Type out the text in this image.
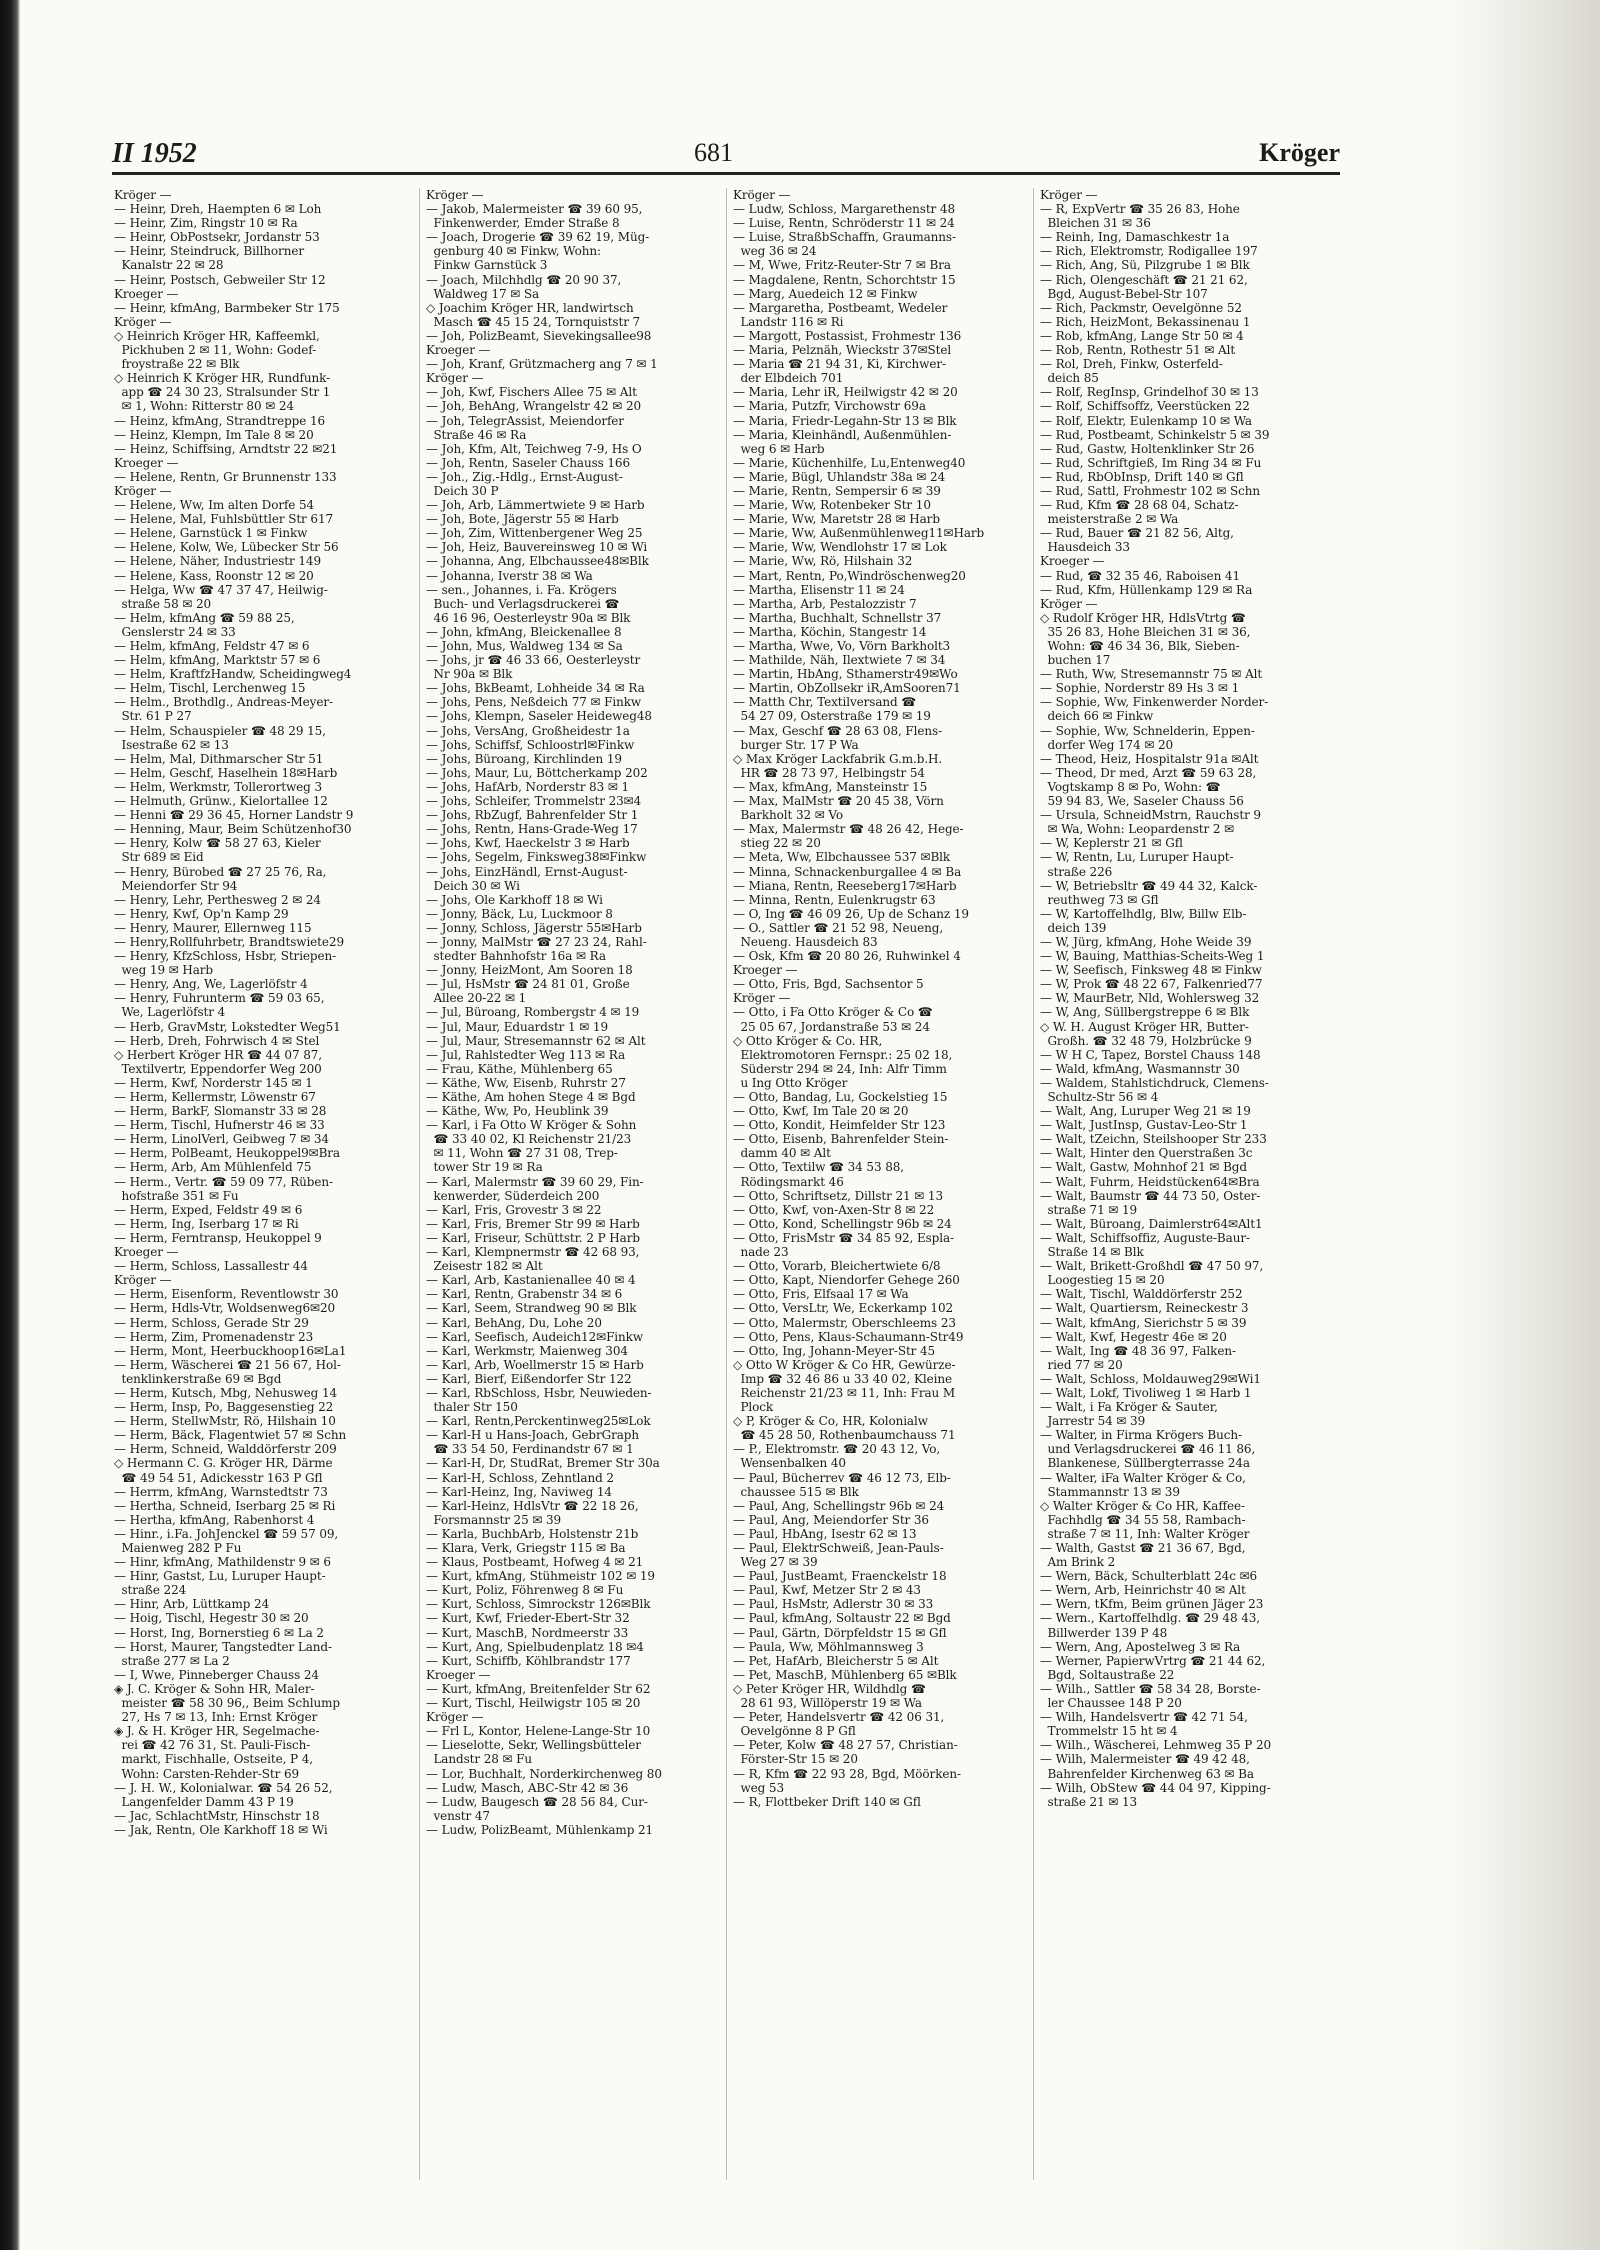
II 1952	681	Kröger
Kröger —
— Heinr, Dreh, Haempten 6 ✉ Loh
— Heinr, Zim, Ringstr 10 ✉ Ra
— Heinr, ObPostsekr, Jordanstr 53
— Heinr, Steindruck, Billhorner
Kanalstr 22 ✉ 28
— Heinr, Postsch, Gebweiler Str 12
Kroeger —
— Heinr, kfmAng, Barmbeker Str 175
Kröger —
◇ Heinrich Kröger HR, Kaffeemkl,
Pickhuben 2 ✉ 11, Wohn: Godef-
froystraße 22 ✉ Blk
◇ Heinrich K Kröger HR, Rundfunk-
app ☎ 24 30 23, Stralsunder Str 1
✉ 1, Wohn: Ritterstr 80 ✉ 24
— Heinz, kfmAng, Strandtreppe 16
— Heinz, Klempn, Im Tale 8 ✉ 20
— Heinz, Schiffsing, Arndtstr 22 ✉21
Kroeger —
— Helene, Rentn, Gr Brunnenstr 133
Kröger —
— Helene, Ww, Im alten Dorfe 54
— Helene, Mal, Fuhlsbüttler Str 617
— Helene, Garnstück 1 ✉ Finkw
— Helene, Kolw, We, Lübecker Str 56
— Helene, Näher, Industriestr 149
— Helene, Kass, Roonstr 12 ✉ 20
— Helga, Ww ☎ 47 37 47, Heilwig-
straße 58 ✉ 20
— Helm, kfmAng ☎ 59 88 25,
Genslerstr 24 ✉ 33
— Helm, kfmAng, Feldstr 47 ✉ 6
— Helm, kfmAng, Marktstr 57 ✉ 6
— Helm, KraftfzHandw, Scheidingweg4
— Helm, Tischl, Lerchenweg 15
— Helm., Brothdlg., Andreas-Meyer-
Str. 61 P 27
— Helm, Schauspieler ☎ 48 29 15,
Isestraße 62 ✉ 13
— Helm, Mal, Dithmarscher Str 51
— Helm, Geschf, Haselhein 18✉Harb
— Helm, Werkmstr, Tollerortweg 3
— Helmuth, Grünw., Kielortallee 12
— Henni ☎ 29 36 45, Horner Landstr 9
— Henning, Maur, Beim Schützenhof30
— Henry, Kolw ☎ 58 27 63, Kieler
Str 689 ✉ Eid
— Henry, Bürobed ☎ 27 25 76, Ra,
Meiendorfer Str 94
— Henry, Lehr, Perthesweg 2 ✉ 24
— Henry, Kwf, Op'n Kamp 29
— Henry, Maurer, Ellernweg 115
— Henry,Rollfuhrbetr, Brandtswiete29
— Henry, KfzSchloss, Hsbr, Striepen-
weg 19 ✉ Harb
— Henry, Ang, We, Lagerlöfstr 4
— Henry, Fuhrunterm ☎ 59 03 65,
We, Lagerlöfstr 4
— Herb, GravMstr, Lokstedter Weg51
— Herb, Dreh, Fohrwisch 4 ✉ Stel
◇ Herbert Kröger HR ☎ 44 07 87,
Textilvertr, Eppendorfer Weg 200
— Herm, Kwf, Norderstr 145 ✉ 1
— Herm, Kellermstr, Löwenstr 67
— Herm, BarkF, Slomanstr 33 ✉ 28
— Herm, Tischl, Hufnerstr 46 ✉ 33
— Herm, LinolVerl, Geibweg 7 ✉ 34
— Herm, PolBeamt, Heukoppel9✉Bra
— Herm, Arb, Am Mühlenfeld 75
— Herm., Vertr. ☎ 59 09 77, Rüben-
hofstraße 351 ✉ Fu
— Herm, Exped, Feldstr 49 ✉ 6
— Herm, Ing, Iserbarg 17 ✉ Ri
— Herm, Ferntransp, Heukoppel 9
Kroeger —
— Herm, Schloss, Lassallestr 44
Kröger —
— Herm, Eisenform, Reventlowstr 30
— Herm, Hdls-Vtr, Woldsenweg6✉20
— Herm, Schloss, Gerade Str 29
— Herm, Zim, Promenadenstr 23
— Herm, Mont, Heerbuckhoop16✉La1
— Herm, Wäscherei ☎ 21 56 67, Hol-
tenklinkerstraße 69 ✉ Bgd
— Herm, Kutsch, Mbg, Nehusweg 14
— Herm, Insp, Po, Baggesenstieg 22
— Herm, StellwMstr, Rö, Hilshain 10
— Herm, Bäck, Flagentwiet 57 ✉ Schn
— Herm, Schneid, Walddörferstr 209
◇ Hermann C. G. Kröger HR, Därme
☎ 49 54 51, Adickesstr 163 P Gfl
— Herrm, kfmAng, Warnstedtstr 73
— Hertha, Schneid, Iserbarg 25 ✉ Ri
— Hertha, kfmAng, Rabenhorst 4
— Hinr., i.Fa. JohJenckel ☎ 59 57 09,
Maienweg 282 P Fu
— Hinr, kfmAng, Mathildenstr 9 ✉ 6
— Hinr, Gastst, Lu, Luruper Haupt-
straße 224
— Hinr, Arb, Lüttkamp 24
— Hoig, Tischl, Hegestr 30 ✉ 20
— Horst, Ing, Bornerstieg 6 ✉ La 2
— Horst, Maurer, Tangstedter Land-
straße 277 ✉ La 2
— I, Wwe, Pinneberger Chauss 24
◈ J. C. Kröger & Sohn HR, Maler-
meister ☎ 58 30 96,, Beim Schlump
27, Hs 7 ✉ 13, Inh: Ernst Kröger
◈ J. & H. Kröger HR, Segelmache-
rei ☎ 42 76 31, St. Pauli-Fisch-
markt, Fischhalle, Ostseite, P 4,
Wohn: Carsten-Rehder-Str 69
— J. H. W., Kolonialwar. ☎ 54 26 52,
Langenfelder Damm 43 P 19
— Jac, SchlachtMstr, Hinschstr 18
— Jak, Rentn, Ole Karkhoff 18 ✉ Wi
Kröger —
— Jakob, Malermeister ☎ 39 60 95,
Finkenwerder, Emder Straße 8
— Joach, Drogerie ☎ 39 62 19, Müg-
genburg 40 ✉ Finkw, Wohn:
Finkw Garnstück 3
— Joach, Milchhdlg ☎ 20 90 37,
Waldweg 17 ✉ Sa
◇ Joachim Kröger HR, landwirtsch
Masch ☎ 45 15 24, Tornquiststr 7
— Joh, PolizBeamt, Sievekingsallee98
Kroeger —
— Joh, Kranf, Grützmacherg ang 7 ✉ 1
Kröger —
— Joh, Kwf, Fischers Allee 75 ✉ Alt
— Joh, BehAng, Wrangelstr 42 ✉ 20
— Joh, TelegrAssist, Meiendorfer
Straße 46 ✉ Ra
— Joh, Kfm, Alt, Teichweg 7-9, Hs O
— Joh, Rentn, Saseler Chauss 166
— Joh., Zig.-Hdlg., Ernst-August-
Deich 30 P
— Joh, Arb, Lämmertwiete 9 ✉ Harb
— Joh, Bote, Jägerstr 55 ✉ Harb
— Joh, Zim, Wittenbergener Weg 25
— Joh, Heiz, Bauvereinsweg 10 ✉ Wi
— Johanna, Ang, Elbchaussee48✉Blk
— Johanna, Iverstr 38 ✉ Wa
— sen., Johannes, i. Fa. Krögers
Buch- und Verlagsdruckerei ☎
46 16 96, Oesterleystr 90a ✉ Blk
— John, kfmAng, Bleickenallee 8
— John, Mus, Waldweg 134 ✉ Sa
— Johs, jr ☎ 46 33 66, Oesterleystr
Nr 90a ✉ Blk
— Johs, BkBeamt, Lohheide 34 ✉ Ra
— Johs, Pens, Neßdeich 77 ✉ Finkw
— Johs, Klempn, Saseler Heideweg48
— Johs, VersAng, Großheidestr 1a
— Johs, Schiffsf, Schloostrl✉Finkw
— Johs, Büroang, Kirchlinden 19
— Johs, Maur, Lu, Böttcherkamp 202
— Johs, HafArb, Norderstr 83 ✉ 1
— Johs, Schleifer, Trommelstr 23✉4
— Johs, RbZugf, Bahrenfelder Str 1
— Johs, Rentn, Hans-Grade-Weg 17
— Johs, Kwf, Haeckelstr 3 ✉ Harb
— Johs, Segelm, Finksweg38✉Finkw
— Johs, EinzHändl, Ernst-August-
Deich 30 ✉ Wi
— Johs, Ole Karkhoff 18 ✉ Wi
— Jonny, Bäck, Lu, Luckmoor 8
— Jonny, Schloss, Jägerstr 55✉Harb
— Jonny, MalMstr ☎ 27 23 24, Rahl-
stedter Bahnhofstr 16a ✉ Ra
— Jonny, HeizMont, Am Sooren 18
— Jul, HsMstr ☎ 24 81 01, Große
Allee 20-22 ✉ 1
— Jul, Büroang, Rombergstr 4 ✉ 19
— Jul, Maur, Eduardstr 1 ✉ 19
— Jul, Maur, Stresemannstr 62 ✉ Alt
— Jul, Rahlstedter Weg 113 ✉ Ra
— Frau, Käthe, Mühlenberg 65
— Käthe, Ww, Eisenb, Ruhrstr 27
— Käthe, Am hohen Stege 4 ✉ Bgd
— Käthe, Ww, Po, Heublink 39
— Karl, i Fa Otto W Kröger & Sohn
☎ 33 40 02, Kl Reichenstr 21/23
✉ 11, Wohn ☎ 27 31 08, Trep-
tower Str 19 ✉ Ra
— Karl, Malermstr ☎ 39 60 29, Fin-
kenwerder, Süderdeich 200
— Karl, Fris, Grovestr 3 ✉ 22
— Karl, Fris, Bremer Str 99 ✉ Harb
— Karl, Friseur, Schüttstr. 2 P Harb
— Karl, Klempnermstr ☎ 42 68 93,
Zeisestr 182 ✉ Alt
— Karl, Arb, Kastanienallee 40 ✉ 4
— Karl, Rentn, Grabenstr 34 ✉ 6
— Karl, Seem, Strandweg 90 ✉ Blk
— Karl, BehAng, Du, Lohe 20
— Karl, Seefisch, Audeich12✉Finkw
— Karl, Werkmstr, Maienweg 304
— Karl, Arb, Woellmerstr 15 ✉ Harb
— Karl, Bierf, Eißendorfer Str 122
— Karl, RbSchloss, Hsbr, Neuwieden-
thaler Str 150
— Karl, Rentn,Perckentinweg25✉Lok
— Karl-H u Hans-Joach, GebrGraph
☎ 33 54 50, Ferdinandstr 67 ✉ 1
— Karl-H, Dr, StudRat, Bremer Str 30a
— Karl-H, Schloss, Zehntland 2
— Karl-Heinz, Ing, Naviweg 14
— Karl-Heinz, HdlsVtr ☎ 22 18 26,
Forsmannstr 25 ✉ 39
— Karla, BuchbArb, Holstenstr 21b
— Klara, Verk, Griegstr 115 ✉ Ba
— Klaus, Postbeamt, Hofweg 4 ✉ 21
— Kurt, kfmAng, Stühmeistr 102 ✉ 19
— Kurt, Poliz, Föhrenweg 8 ✉ Fu
— Kurt, Schloss, Simrockstr 126✉Blk
— Kurt, Kwf, Frieder-Ebert-Str 32
— Kurt, MaschB, Nordmeerstr 33
— Kurt, Ang, Spielbudenplatz 18 ✉4
— Kurt, Schiffb, Köhlbrandstr 177
Kroeger —
— Kurt, kfmAng, Breitenfelder Str 62
— Kurt, Tischl, Heilwigstr 105 ✉ 20
Kröger —
— Frl L, Kontor, Helene-Lange-Str 10
— Lieselotte, Sekr, Wellingsbütteler
Landstr 28 ✉ Fu
— Lor, Buchhalt, Norderkirchenweg 80
— Ludw, Masch, ABC-Str 42 ✉ 36
— Ludw, Baugesch ☎ 28 56 84, Cur-
venstr 47
— Ludw, PolizBeamt, Mühlenkamp 21
Kröger —
— Ludw, Schloss, Margarethenstr 48
— Luise, Rentn, Schröderstr 11 ✉ 24
— Luise, StraßbSchaffn, Graumanns-
weg 36 ✉ 24
— M, Wwe, Fritz-Reuter-Str 7 ✉ Bra
— Magdalene, Rentn, Schorchtstr 15
— Marg, Auedeich 12 ✉ Finkw
— Margaretha, Postbeamt, Wedeler
Landstr 116 ✉ Ri
— Margott, Postassist, Frohmestr 136
— Maria, Pelznäh, Wieckstr 37✉Stel
— Maria ☎ 21 94 31, Ki, Kirchwer-
der Elbdeich 701
— Maria, Lehr iR, Heilwigstr 42 ✉ 20
— Maria, Putzfr, Virchowstr 69a
— Maria, Friedr-Legahn-Str 13 ✉ Blk
— Maria, Kleinhändl, Außenmühlen-
weg 6 ✉ Harb
— Marie, Küchenhilfe, Lu,Entenweg40
— Marie, Bügl, Uhlandstr 38a ✉ 24
— Marie, Rentn, Sempersir 6 ✉ 39
— Marie, Ww, Rotenbeker Str 10
— Marie, Ww, Maretstr 28 ✉ Harb
— Marie, Ww, Außenmühlenweg11✉Harb
— Marie, Ww, Wendlohstr 17 ✉ Lok
— Marie, Ww, Rö, Hilshain 32
— Mart, Rentn, Po,Windröschenweg20
— Martha, Elisenstr 11 ✉ 24
— Martha, Arb, Pestalozzistr 7
— Martha, Buchhalt, Schnellstr 37
— Martha, Köchin, Stangestr 14
— Martha, Wwe, Vo, Vörn Barkholt3
— Mathilde, Näh, Ilextwiete 7 ✉ 34
— Martin, HbAng, Sthamerstr49✉Wo
— Martin, ObZollsekr iR,AmSooren71
— Matth Chr, Textilversand ☎
54 27 09, Osterstraße 179 ✉ 19
— Max, Geschf ☎ 28 63 08, Flens-
burger Str. 17 P Wa
◇ Max Kröger Lackfabrik G.m.b.H.
HR ☎ 28 73 97, Helbingstr 54
— Max, kfmAng, Mansteinstr 15
— Max, MalMstr ☎ 20 45 38, Vörn
Barkholt 32 ✉ Vo
— Max, Malermstr ☎ 48 26 42, Hege-
stieg 22 ✉ 20
— Meta, Ww, Elbchaussee 537 ✉Blk
— Minna, Schnackenburgallee 4 ✉ Ba
— Miana, Rentn, Reeseberg17✉Harb
— Minna, Rentn, Eulenkrugstr 63
— O, Ing ☎ 46 09 26, Up de Schanz 19
— O., Sattler ☎ 21 52 98, Neueng,
Neueng. Hausdeich 83
— Osk, Kfm ☎ 20 80 26, Ruhwinkel 4
Kroeger —
— Otto, Fris, Bgd, Sachsentor 5
Kröger —
— Otto, i Fa Otto Kröger & Co ☎
25 05 67, Jordanstraße 53 ✉ 24
◇ Otto Kröger & Co. HR,
Elektromotoren Fernspr.: 25 02 18,
Süderstr 294 ✉ 24, Inh: Alfr Timm
u Ing Otto Kröger
— Otto, Bandag, Lu, Gockelstieg 15
— Otto, Kwf, Im Tale 20 ✉ 20
— Otto, Kondit, Heimfelder Str 123
— Otto, Eisenb, Bahrenfelder Stein-
damm 40 ✉ Alt
— Otto, Textilw ☎ 34 53 88,
Rödingsmarkt 46
— Otto, Schriftsetz, Dillstr 21 ✉ 13
— Otto, Kwf, von-Axen-Str 8 ✉ 22
— Otto, Kond, Schellingstr 96b ✉ 24
— Otto, FrisMstr ☎ 34 85 92, Espla-
nade 23
— Otto, Vorarb, Bleichertwiete 6/8
— Otto, Kapt, Niendorfer Gehege 260
— Otto, Fris, Elfsaal 17 ✉ Wa
— Otto, VersLtr, We, Eckerkamp 102
— Otto, Malermstr, Oberschleems 23
— Otto, Pens, Klaus-Schaumann-Str49
— Otto, Ing, Johann-Meyer-Str 45
◇ Otto W Kröger & Co HR, Gewürze-
Imp ☎ 32 46 86 u 33 40 02, Kleine
Reichenstr 21/23 ✉ 11, Inh: Frau M
Plock
◇ P, Kröger & Co, HR, Kolonialw
☎ 45 28 50, Rothenbaumchauss 71
— P., Elektromstr. ☎ 20 43 12, Vo,
Wensenbalken 40
— Paul, Bücherrev ☎ 46 12 73, Elb-
chaussee 515 ✉ Blk
— Paul, Ang, Schellingstr 96b ✉ 24
— Paul, Ang, Meiendorfer Str 36
— Paul, HbAng, Isestr 62 ✉ 13
— Paul, ElektrSchweiß, Jean-Pauls-
Weg 27 ✉ 39
— Paul, JustBeamt, Fraenckelstr 18
— Paul, Kwf, Metzer Str 2 ✉ 43
— Paul, HsMstr, Adlerstr 30 ✉ 33
— Paul, kfmAng, Soltaustr 22 ✉ Bgd
— Paul, Gärtn, Dörpfeldstr 15 ✉ Gfl
— Paula, Ww, Möhlmannsweg 3
— Pet, HafArb, Bleicherstr 5 ✉ Alt
— Pet, MaschB, Mühlenberg 65 ✉Blk
◇ Peter Kröger HR, Wildhdlg ☎
28 61 93, Willöperstr 19 ✉ Wa
— Peter, Handelsvertr ☎ 42 06 31,
Oevelgönne 8 P Gfl
— Peter, Kolw ☎ 48 27 57, Christian-
Förster-Str 15 ✉ 20
— R, Kfm ☎ 22 93 28, Bgd, Möörken-
weg 53
— R, Flottbeker Drift 140 ✉ Gfl
Kröger —
— R, ExpVertr ☎ 35 26 83, Hohe
Bleichen 31 ✉ 36
— Reinh, Ing, Damaschkestr 1a
— Rich, Elektromstr, Rodigallee 197
— Rich, Ang, Sü, Pilzgrube 1 ✉ Blk
— Rich, Olengeschäft ☎ 21 21 62,
Bgd, August-Bebel-Str 107
— Rich, Packmstr, Oevelgönne 52
— Rich, HeizMont, Bekassinenau 1
— Rob, kfmAng, Lange Str 50 ✉ 4
— Rob, Rentn, Rothestr 51 ✉ Alt
— Rol, Dreh, Finkw, Osterfeld-
deich 85
— Rolf, RegInsp, Grindelhof 30 ✉ 13
— Rolf, Schiffsoffz, Veerstücken 22
— Rolf, Elektr, Eulenkamp 10 ✉ Wa
— Rud, Postbeamt, Schinkelstr 5 ✉ 39
— Rud, Gastw, Holtenklinker Str 26
— Rud, Schriftgieß, Im Ring 34 ✉ Fu
— Rud, RbObInsp, Drift 140 ✉ Gfl
— Rud, Sattl, Frohmestr 102 ✉ Schn
— Rud, Kfm ☎ 28 68 04, Schatz-
meisterstraße 2 ✉ Wa
— Rud, Bauer ☎ 21 82 56, Altg,
Hausdeich 33
Kroeger —
— Rud, ☎ 32 35 46, Raboisen 41
— Rud, Kfm, Hüllenkamp 129 ✉ Ra
Kröger —
◇ Rudolf Kröger HR, HdlsVtrtg ☎
35 26 83, Hohe Bleichen 31 ✉ 36,
Wohn: ☎ 46 34 36, Blk, Sieben-
buchen 17
— Ruth, Ww, Stresemannstr 75 ✉ Alt
— Sophie, Norderstr 89 Hs 3 ✉ 1
— Sophie, Ww, Finkenwerder Norder-
deich 66 ✉ Finkw
— Sophie, Ww, Schnelderin, Eppen-
dorfer Weg 174 ✉ 20
— Theod, Heiz, Hospitalstr 91a ✉Alt
— Theod, Dr med, Arzt ☎ 59 63 28,
Vogtskamp 8 ✉ Po, Wohn: ☎
59 94 83, We, Saseler Chauss 56
— Ursula, SchneidMstrn, Rauchstr 9
✉ Wa, Wohn: Leopardenstr 2 ✉
— W, Keplerstr 21 ✉ Gfl
— W, Rentn, Lu, Luruper Haupt-
straße 226
— W, Betriebsltr ☎ 49 44 32, Kalck-
reuthweg 73 ✉ Gfl
— W, Kartoffelhdlg, Blw, Billw Elb-
deich 139
— W, Jürg, kfmAng, Hohe Weide 39
— W, Bauing, Matthias-Scheits-Weg 1
— W, Seefisch, Finksweg 48 ✉ Finkw
— W, Prok ☎ 48 22 67, Falkenried77
— W, MaurBetr, Nld, Wohlersweg 32
— W, Ang, Süllbergstreppe 6 ✉ Blk
◇ W. H. August Kröger HR, Butter-
Großh. ☎ 32 48 79, Holzbrücke 9
— W H C, Tapez, Borstel Chauss 148
— Wald, kfmAng, Wasmannstr 30
— Waldem, Stahlstichdruck, Clemens-
Schultz-Str 56 ✉ 4
— Walt, Ang, Luruper Weg 21 ✉ 19
— Walt, JustInsp, Gustav-Leo-Str 1
— Walt, tZeichn, Steilshooper Str 233
— Walt, Hinter den Querstraßen 3c
— Walt, Gastw, Mohnhof 21 ✉ Bgd
— Walt, Fuhrm, Heidstücken64✉Bra
— Walt, Baumstr ☎ 44 73 50, Oster-
straße 71 ✉ 19
— Walt, Büroang, Daimlerstr64✉Alt1
— Walt, Schiffsoffiz, Auguste-Baur-
Straße 14 ✉ Blk
— Walt, Brikett-Großhdl ☎ 47 50 97,
Loogestieg 15 ✉ 20
— Walt, Tischl, Walddörferstr 252
— Walt, Quartiersm, Reineckestr 3
— Walt, kfmAng, Sierichstr 5 ✉ 39
— Walt, Kwf, Hegestr 46e ✉ 20
— Walt, Ing ☎ 48 36 97, Falken-
ried 77 ✉ 20
— Walt, Schloss, Moldauweg29✉Wi1
— Walt, Lokf, Tivoliweg 1 ✉ Harb 1
— Walt, i Fa Kröger & Sauter,
Jarrestr 54 ✉ 39
— Walter, in Firma Krögers Buch-
und Verlagsdruckerei ☎ 46 11 86,
Blankenese, Süllbergterrasse 24a
— Walter, iFa Walter Kröger & Co,
Stammannstr 13 ✉ 39
◇ Walter Kröger & Co HR, Kaffee-
Fachhdlg ☎ 34 55 58, Rambach-
straße 7 ✉ 11, Inh: Walter Kröger
— Walth, Gastst ☎ 21 36 67, Bgd,
Am Brink 2
— Wern, Bäck, Schulterblatt 24c ✉6
— Wern, Arb, Heinrichstr 40 ✉ Alt
— Wern, tKfm, Beim grünen Jäger 23
— Wern., Kartoffelhdlg. ☎ 29 48 43,
Billwerder 139 P 48
— Wern, Ang, Apostelweg 3 ✉ Ra
— Werner, PapierwVrtrg ☎ 21 44 62,
Bgd, Soltaustraße 22
— Wilh., Sattler ☎ 58 34 28, Borste-
ler Chaussee 148 P 20
— Wilh, Handelsvertr ☎ 42 71 54,
Trommelstr 15 ht ✉ 4
— Wilh., Wäscherei, Lehmweg 35 P 20
— Wilh, Malermeister ☎ 49 42 48,
Bahrenfelder Kirchenweg 63 ✉ Ba
— Wilh, ObStew ☎ 44 04 97, Kipping-
straße 21 ✉ 13
